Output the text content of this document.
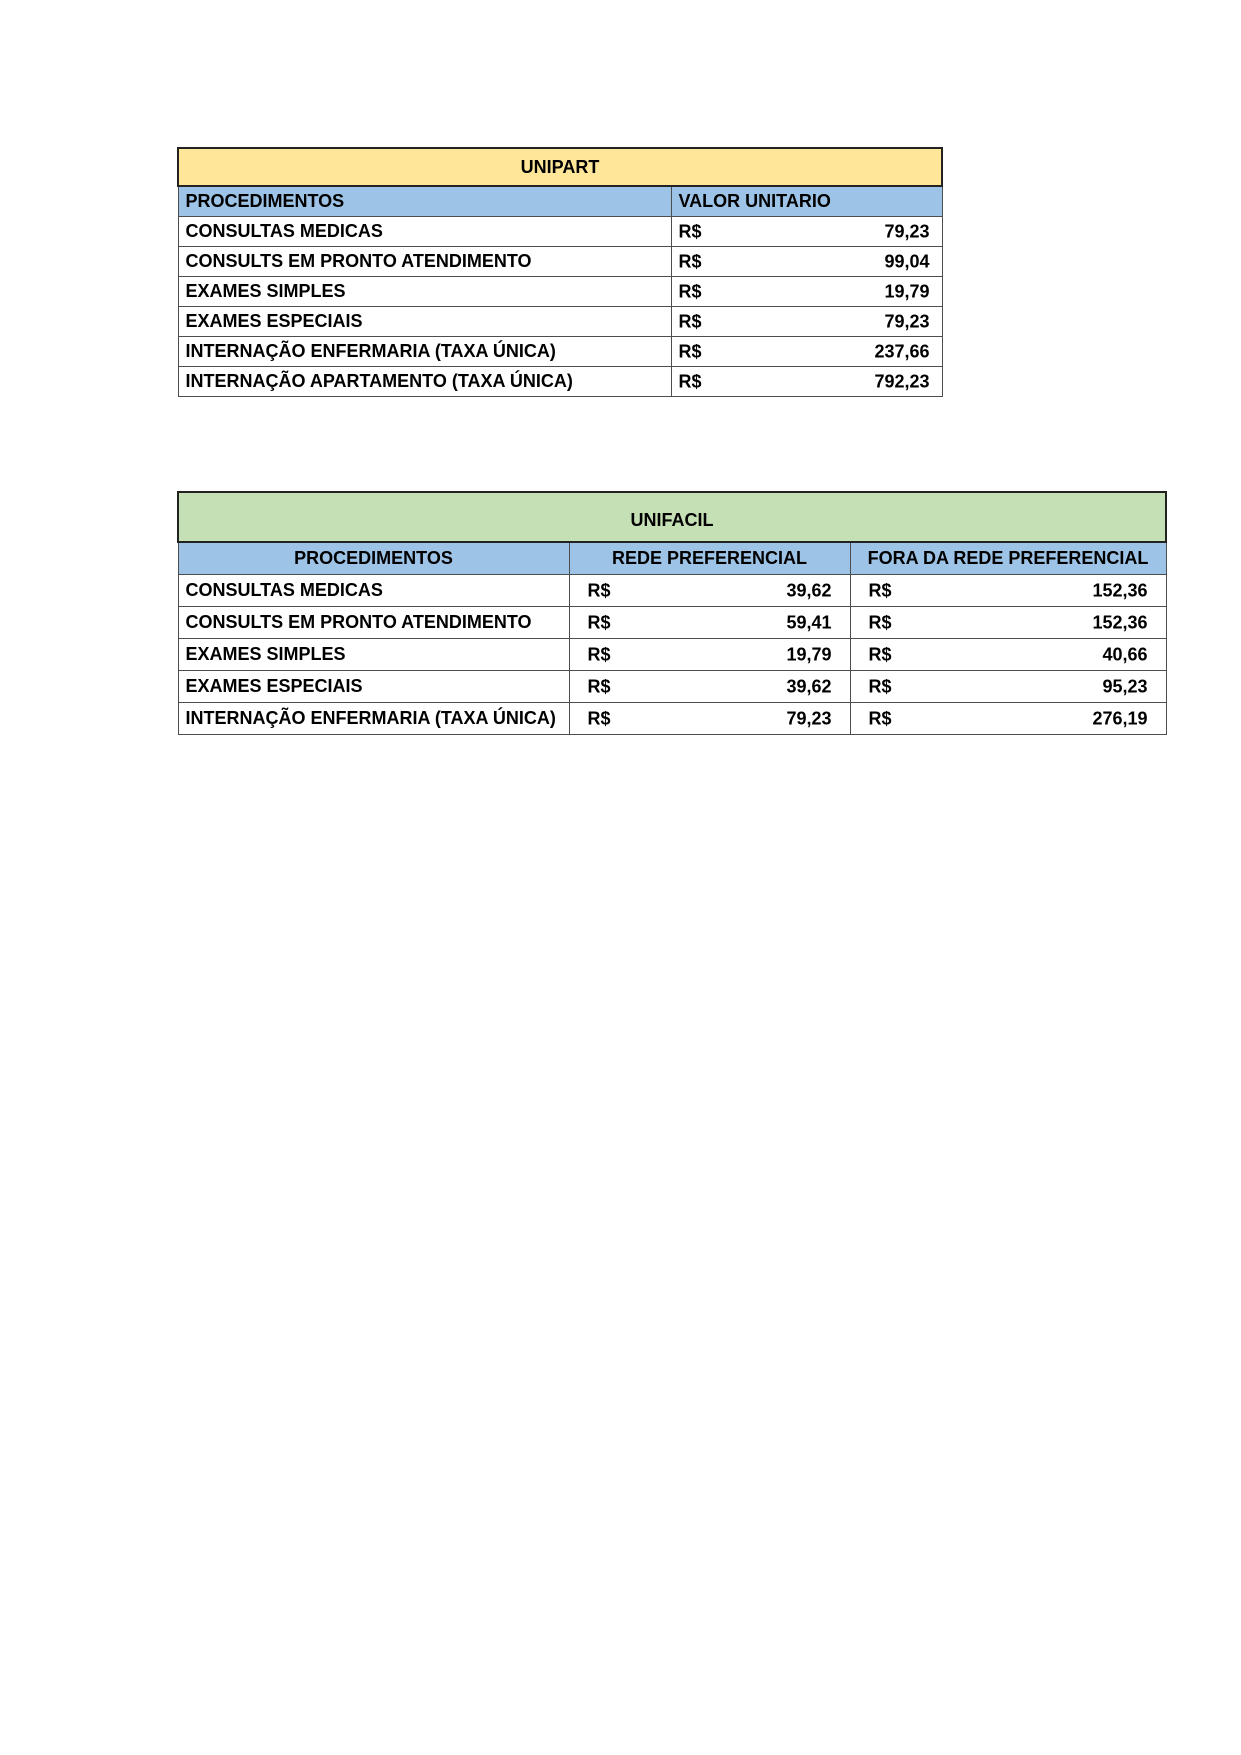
UNIPART	
PROCEDIMENTOS	VALOR UNITARIO
CONSULTAS MEDICAS	R$ 79,23

CONSULTS EM PRONTO ATENDIMENTO	R$ 99,04

EXAMES SIMPLES	R$ 19,79

EXAMES ESPECIAIS	R$ 79,23

INTERNAÇÃO ENFERMARIA (TAXA ÚNICA)	R$ 237,66

INTERNAÇÃO APARTAMENTO (TAXA ÚNICA)	R$ 792,23
UNIFACIL		
PROCEDIMENTOS	REDE PREFERENCIAL	FORA DA REDE PREFERENCIAL
CONSULTAS MEDICAS	R$ 39,62	R$ 152,36

CONSULTS EM PRONTO ATENDIMENTO	R$ 59,41	R$ 152,36

EXAMES SIMPLES	R$ 19,79	R$ 40,66

EXAMES ESPECIAIS	R$ 39,62	R$ 95,23

INTERNAÇÃO ENFERMARIA (TAXA ÚNICA)	R$ 79,23	R$ 276,19
